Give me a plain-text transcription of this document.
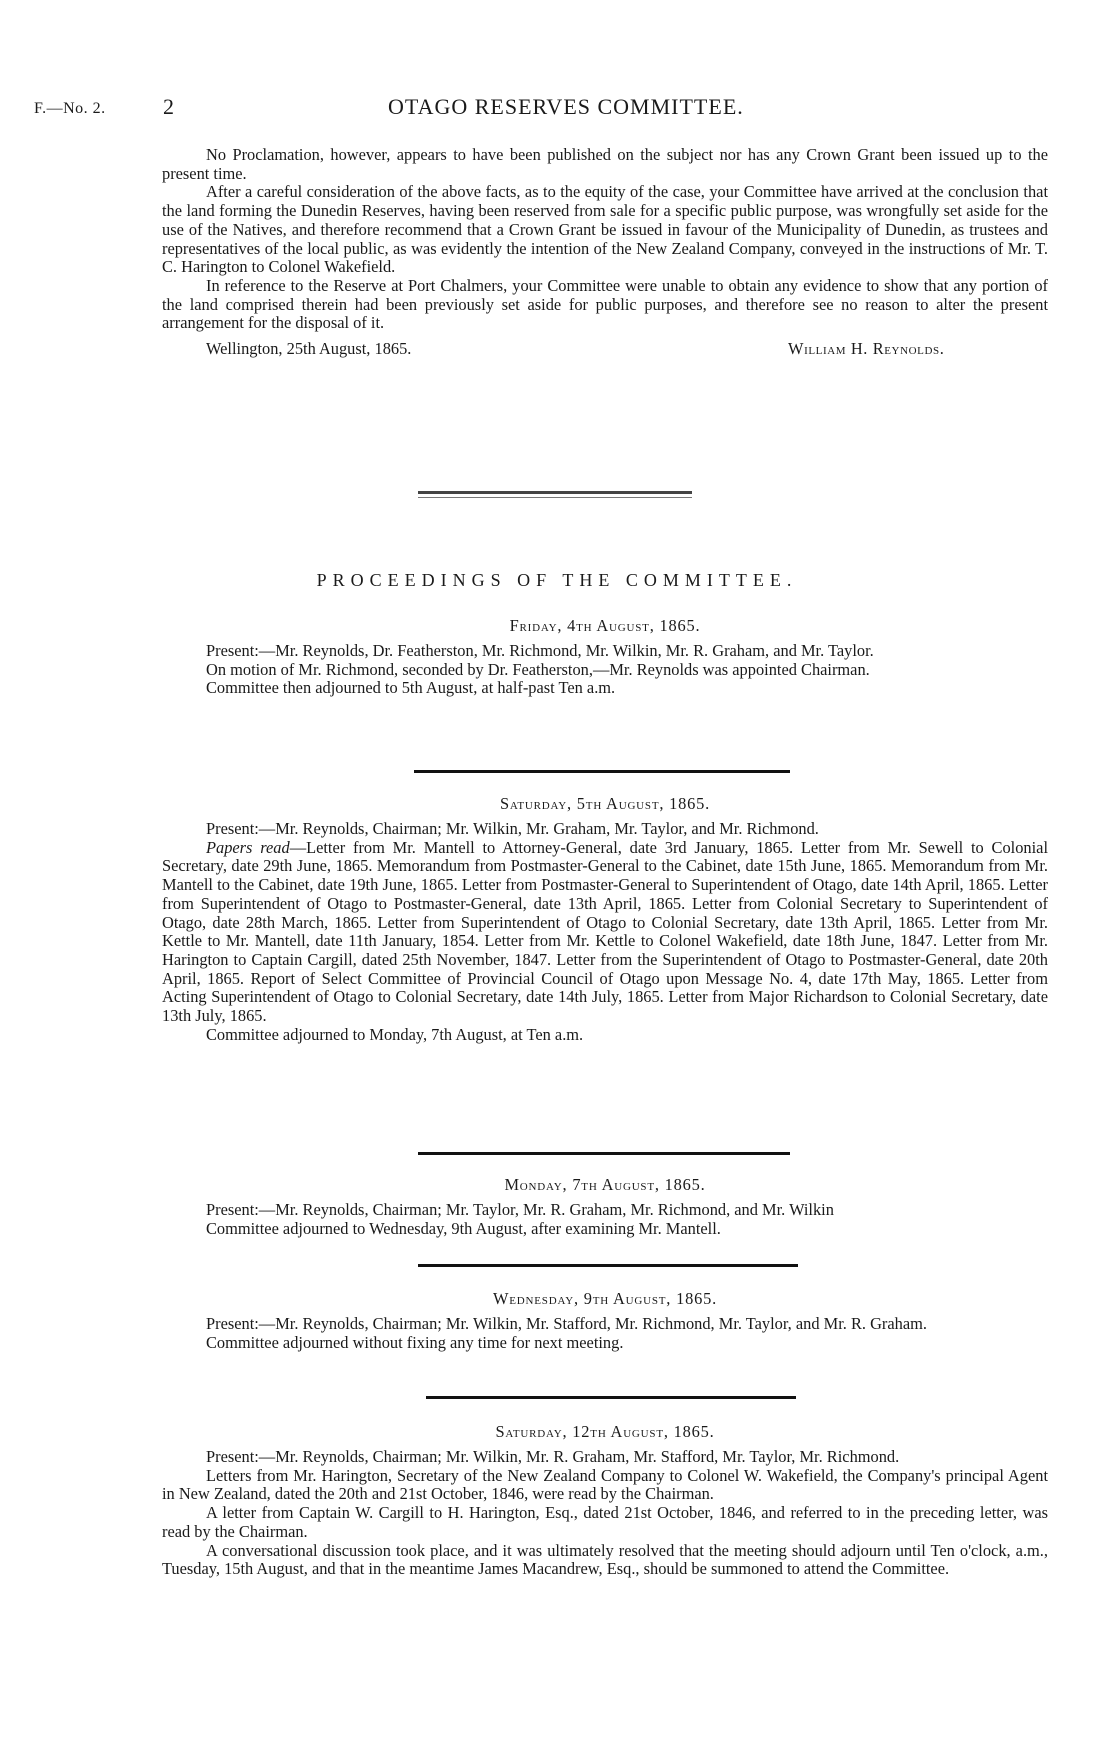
F.—No. 2.	2	OTAGO RESERVES COMMITTEE.

No Proclamation, however, appears to have been published on the subject nor has any Crown Grant been issued up to the present time.

After a careful consideration of the above facts, as to the equity of the case, your Committee have arrived at the conclusion that the land forming the Dunedin Reserves, having been reserved from sale for a specific public purpose, was wrongfully set aside for the use of the Natives, and therefore recommend that a Crown Grant be issued in favour of the Municipality of Dunedin, as trustees and representatives of the local public, as was evidently the intention of the New Zealand Company, conveyed in the instructions of Mr. T. C. Harington to Colonel Wakefield.

In reference to the Reserve at Port Chalmers, your Committee were unable to obtain any evidence to show that any portion of the land comprised therein had been previously set aside for public purposes, and therefore see no reason to alter the present arrangement for the disposal of it.

Wellington, 25th August, 1865.	William H. Reynolds.
PROCEEDINGS OF THE COMMITTEE.

Friday, 4th August, 1865.

Present:—Mr. Reynolds, Dr. Featherston, Mr. Richmond, Mr. Wilkin, Mr. R. Graham, and Mr. Taylor.

On motion of Mr. Richmond, seconded by Dr. Featherston,—Mr. Reynolds was appointed Chairman.

Committee then adjourned to 5th August, at half-past Ten a.m.

Saturday, 5th August, 1865.

Present:—Mr. Reynolds, Chairman; Mr. Wilkin, Mr. Graham, Mr. Taylor, and Mr. Richmond.

Papers read—Letter from Mr. Mantell to Attorney-General, date 3rd January, 1865. Letter from Mr. Sewell to Colonial Secretary, date 29th June, 1865. Memorandum from Postmaster-General to the Cabinet, date 15th June, 1865. Memorandum from Mr. Mantell to the Cabinet, date 19th June, 1865. Letter from Postmaster-General to Superintendent of Otago, date 14th April, 1865. Letter from Superintendent of Otago to Postmaster-General, date 13th April, 1865. Letter from Colonial Secretary to Superintendent of Otago, date 28th March, 1865. Letter from Superintendent of Otago to Colonial Secretary, date 13th April, 1865. Letter from Mr. Kettle to Mr. Mantell, date 11th January, 1854. Letter from Mr. Kettle to Colonel Wakefield, date 18th June, 1847. Letter from Mr. Harington to Captain Cargill, dated 25th November, 1847. Letter from the Superintendent of Otago to Postmaster-General, date 20th April, 1865. Report of Select Committee of Provincial Council of Otago upon Message No. 4, date 17th May, 1865. Letter from Acting Superintendent of Otago to Colonial Secretary, date 14th July, 1865. Letter from Major Richardson to Colonial Secretary, date 13th July, 1865.

Committee adjourned to Monday, 7th August, at Ten a.m.

Monday, 7th August, 1865.

Present:—Mr. Reynolds, Chairman; Mr. Taylor, Mr. R. Graham, Mr. Richmond, and Mr. Wilkin

Committee adjourned to Wednesday, 9th August, after examining Mr. Mantell.

Wednesday, 9th August, 1865.

Present:—Mr. Reynolds, Chairman; Mr. Wilkin, Mr. Stafford, Mr. Richmond, Mr. Taylor, and Mr. R. Graham.

Committee adjourned without fixing any time for next meeting.

Saturday, 12th August, 1865.

Present:—Mr. Reynolds, Chairman; Mr. Wilkin, Mr. R. Graham, Mr. Stafford, Mr. Taylor, Mr. Richmond.

Letters from Mr. Harington, Secretary of the New Zealand Company to Colonel W. Wakefield, the Company's principal Agent in New Zealand, dated the 20th and 21st October, 1846, were read by the Chairman.

A letter from Captain W. Cargill to H. Harington, Esq., dated 21st October, 1846, and referred to in the preceding letter, was read by the Chairman.

A conversational discussion took place, and it was ultimately resolved that the meeting should adjourn until Ten o'clock, a.m., Tuesday, 15th August, and that in the meantime James Macandrew, Esq., should be summoned to attend the Committee.
